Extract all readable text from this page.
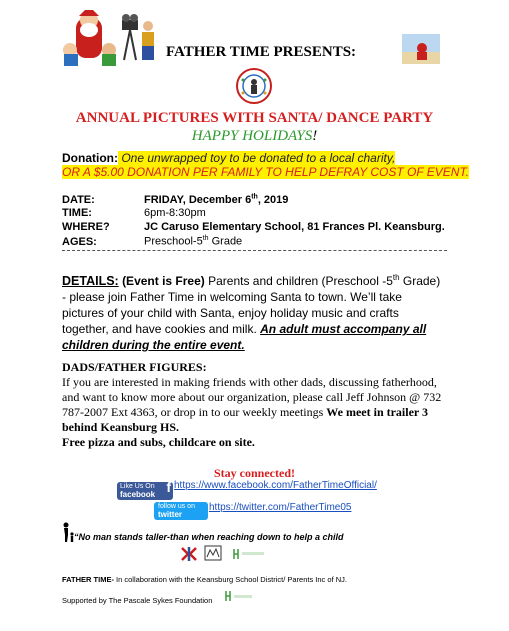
FATHER TIME PRESENTS:
ANNUAL PICTURES WITH SANTA/ DANCE PARTY
HAPPY HOLIDAYS!
Donation: One unwrapped toy to be donated to a local charity,
OR A $5.00 DONATION PER FAMILY TO HELP DEFRAY COST OF EVENT.
DATE:	FRIDAY, December 6th, 2019
TIME:	6pm-8:30pm
WHERE?	JC Caruso Elementary School, 81 Frances Pl. Keansburg.
AGES:	Preschool-5th Grade
DETAILS: (Event is Free) Parents and children (Preschool -5th Grade) - please join Father Time in welcoming Santa to town. We’ll take pictures of your child with Santa, enjoy holiday music and crafts together, and have cookies and milk. An adult must accompany all children during the entire event.
DADS/FATHER FIGURES:
If you are interested in making friends with other dads, discussing fatherhood, and want to know more about our organization, please call Jeff Johnson @ 732 787-2007 Ext 4363, or drop in to our weekly meetings We meet in trailer 3 behind Keansburg HS.
Free pizza and subs, childcare on site.
Stay connected!
Like Us On
facebook f https://www.facebook.com/FatherTimeOfficial/
follow us on
twitter
https://twitter.com/FatherTime05
“No man stands taller-than when reaching down to help a child
FATHER TIME- In collaboration with the Keansburg School District/ Parents Inc of NJ.
Supported by The Pascale Sykes Foundation
